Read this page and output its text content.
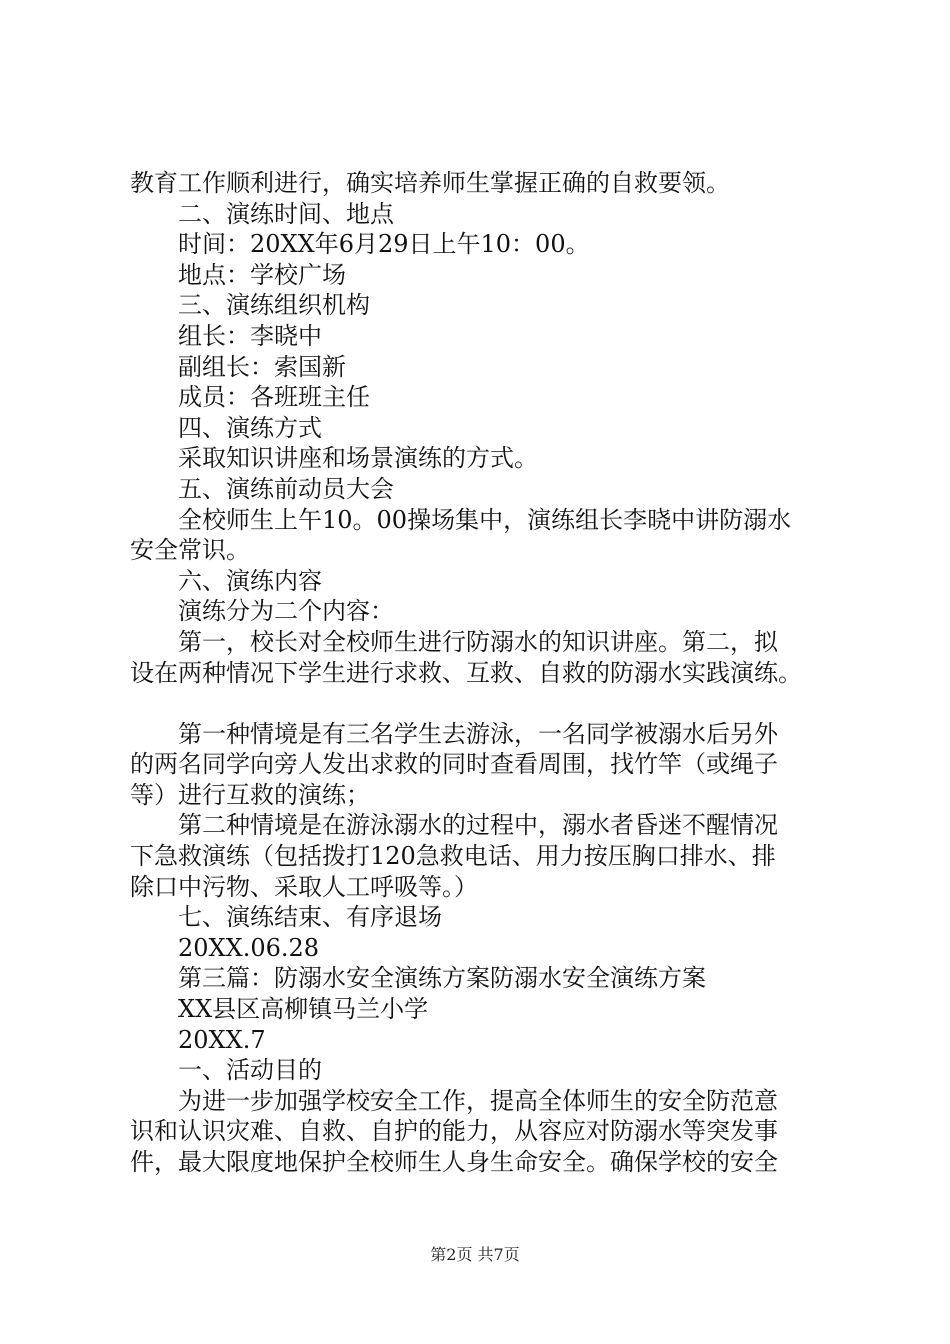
教育工作顺利进行，确实培养师生掌握正确的自救要领。

二、演练时间、地点

时间：20XX年6月29日上午10：00。

地点：学校广场

三、演练组织机构

组长：李晓中

副组长：索国新

成员：各班班主任

四、演练方式

采取知识讲座和场景演练的方式。

五、演练前动员大会

全校师生上午10。00操场集中，演练组长李晓中讲防溺水

安全常识。

六、演练内容

演练分为二个内容：

第一，校长对全校师生进行防溺水的知识讲座。第二，拟

设在两种情况下学生进行求救、互救、自救的防溺水实践演练。

第一种情境是有三名学生去游泳，一名同学被溺水后另外

的两名同学向旁人发出求救的同时查看周围，找竹竿（或绳子

等）进行互救的演练；

第二种情境是在游泳溺水的过程中，溺水者昏迷不醒情况

下急救演练（包括拨打120急救电话、用力按压胸口排水、排

除口中污物、采取人工呼吸等。）

七、演练结束、有序退场

20XX.06.28

第三篇：防溺水安全演练方案防溺水安全演练方案

XX县区高柳镇马兰小学

20XX.7

一、活动目的

为进一步加强学校安全工作，提高全体师生的安全防范意

识和认识灾难、自救、自护的能力，从容应对防溺水等突发事

件，最大限度地保护全校师生人身生命安全。确保学校的安全

第2页 共7页
